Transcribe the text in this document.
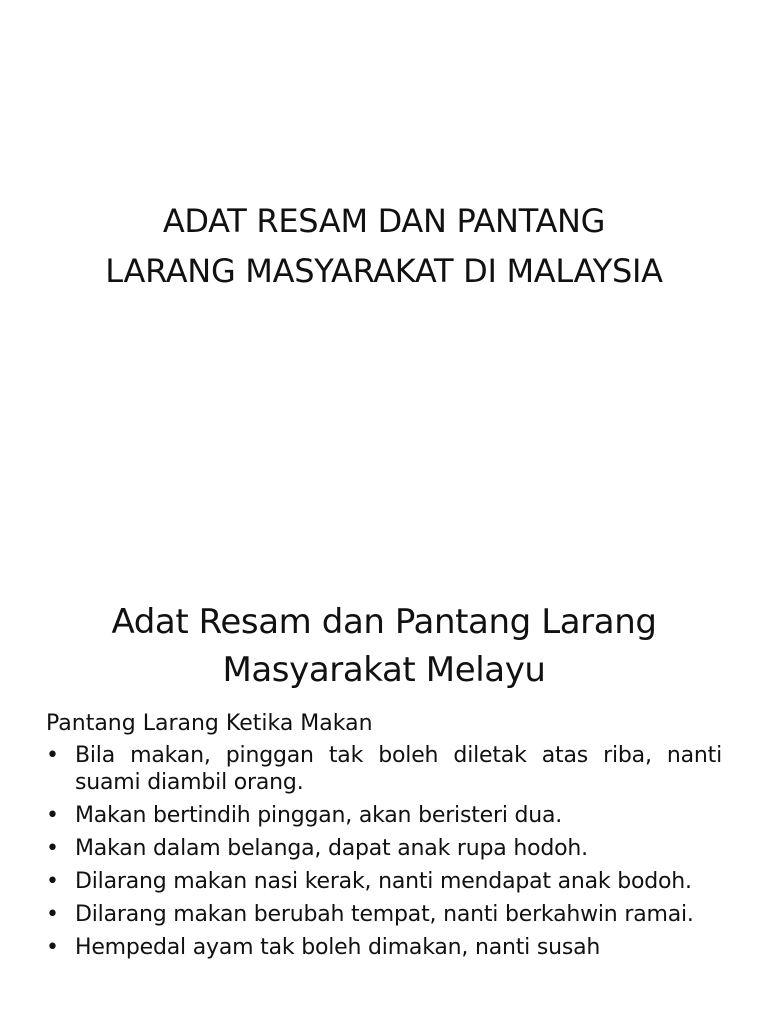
ADAT RESAM DAN PANTANG
LARANG MASYARAKAT DI MALAYSIA
Adat Resam dan Pantang Larang
Masyarakat Melayu
Pantang Larang Ketika Makan
• Bila makan, pinggan tak boleh diletak atas riba, nanti suami diambil orang.
• Makan bertindih pinggan, akan beristeri dua.
• Makan dalam belanga, dapat anak rupa hodoh.
• Dilarang makan nasi kerak, nanti mendapat anak bodoh.
• Dilarang makan berubah tempat, nanti berkahwin ramai.
• Hempedal ayam tak boleh dimakan, nanti susah
